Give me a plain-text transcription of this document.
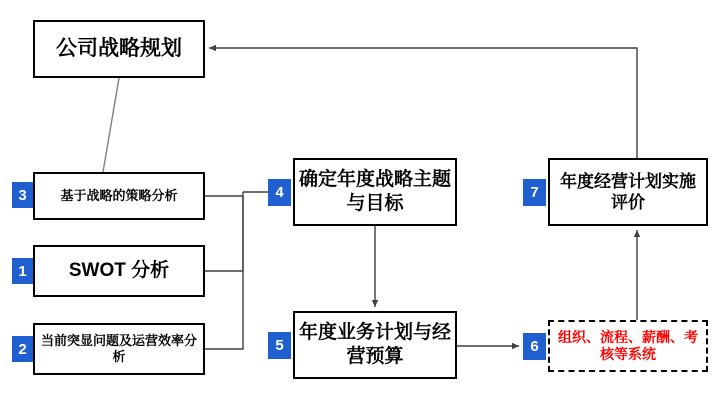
公司战略规划
基于战略的策略分析
3
SWOT 分析
1
当前突显问题及运营效率分析
2
确定年度战略主题与目标
4
年度业务计划与经营预算
5
年度经营计划实施评价
7
组织、流程、薪酬、考核等系统
6
